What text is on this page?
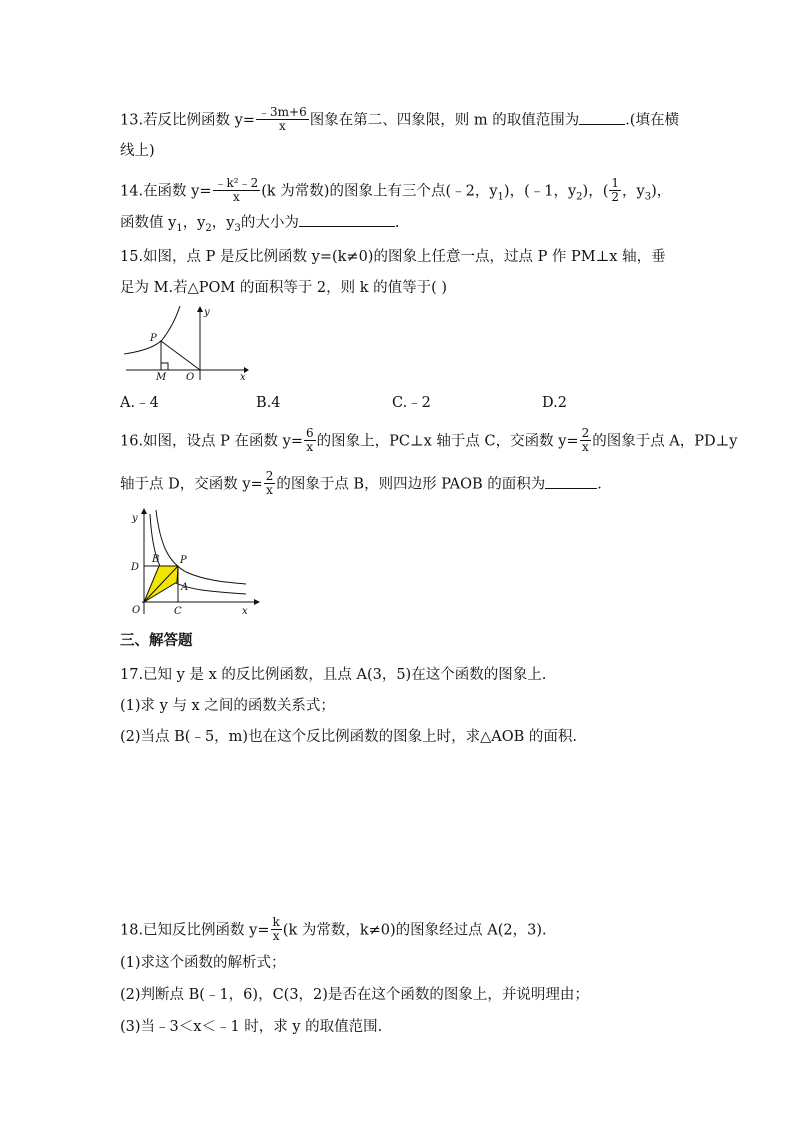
13.若反比例函数 $y= \frac{﹣3m+6}{x}$ 图象在第二、四象限，则 m 的取值范围为	.(填在横
线上)
14.在函数 $y= \frac{\text{﹣k²﹣2}}{x} (k$ 为常数)的图象上有三个点(﹣2，$y_1$)，(﹣1，$y_2$)，( $\frac{1}{2}$ ，$y_3$)，
函数值 $y_1$，$y_2$，$y_3$的大小为	.
15.如图，点 P 是反比例函数 y=(k≠0)的图象上任意一点，过点 P 作 PM⊥x 轴，垂
足为 M.若△POM 的面积等于 2，则 k 的值等于( )
y
x
P
M O
A.﹣4	B.4	C.﹣2	D.2
16.如图，设点 P 在函数 $y= \frac{6}{x}$ 的图象上，PC⊥x 轴于点 C，交函数 $y= \frac{2}{x}$ 的图象于点 A，PD⊥y
轴于点 D，交函数 $y= \frac{2}{x}$ 的图象于点 B，则四边形 PAOB 的面积为	.
y
x
D
B P
A
O	C
三、解答题
17.已知 y 是 x 的反比例函数，且点 A(3，5)在这个函数的图象上.
(1)求 y 与 x 之间的函数关系式；
(2)当点 B(﹣5，m)也在这个反比例函数的图象上时，求△AOB 的面积.
18.已知反比例函数 $y= \frac{k}{x} (k$ 为常数，k≠0)的图象经过点 A(2，3).
(1)求这个函数的解析式；
(2)判断点 B(﹣1，6)，C(3，2)是否在这个函数的图象上，并说明理由；
(3)当﹣3＜x＜﹣1 时，求 y 的取值范围.
